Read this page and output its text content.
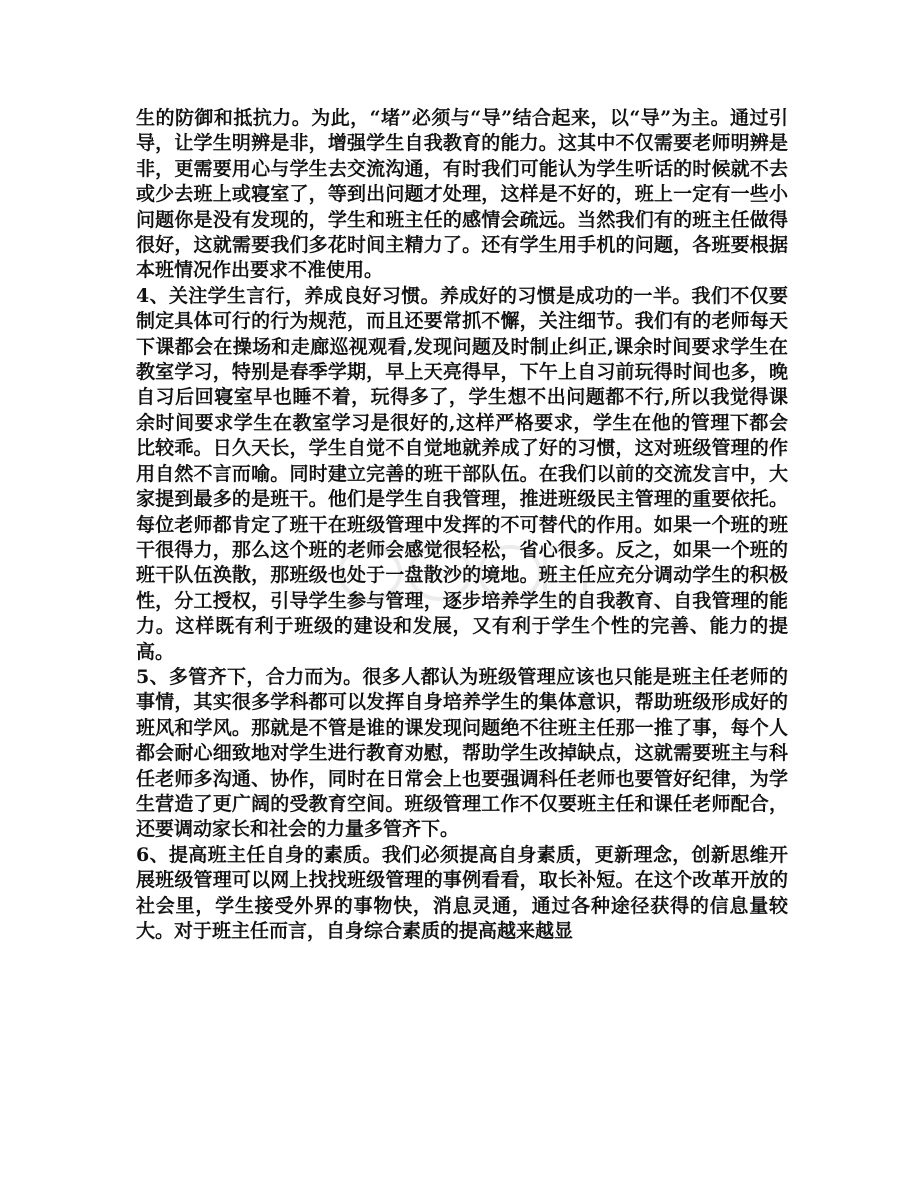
生的防御和抵抗力。为此，“堵”必须与“导”结合起来，以“导”为主。通过引导，让学生明辨是非，增强学生自我教育的能力。这其中不仅需要老师明辨是非，更需要用心与学生去交流沟通，有时我们可能认为学生听话的时候就不去或少去班上或寝室了，等到出问题才处理，这样是不好的，班上一定有一些小问题你是没有发现的，学生和班主任的感情会疏远。当然我们有的班主任做得很好，这就需要我们多花时间主精力了。还有学生用手机的问题，各班要根据本班情况作出要求不准使用。

4、关注学生言行，养成良好习惯。养成好的习惯是成功的一半。我们不仅要制定具体可行的行为规范，而且还要常抓不懈，关注细节。我们有的老师每天下课都会在操场和走廊巡视观看,发现问题及时制止纠正,课余时间要求学生在教室学习，特别是春季学期，早上天亮得早，下午上自习前玩得时间也多，晚自习后回寝室早也睡不着，玩得多了，学生想不出问题都不行,所以我觉得课余时间要求学生在教室学习是很好的,这样严格要求，学生在他的管理下都会比较乖。日久天长，学生自觉不自觉地就养成了好的习惯，这对班级管理的作用自然不言而喻。同时建立完善的班干部队伍。在我们以前的交流发言中，大家提到最多的是班干。他们是学生自我管理，推进班级民主管理的重要依托。每位老师都肯定了班干在班级管理中发挥的不可替代的作用。如果一个班的班干很得力，那么这个班的老师会感觉很轻松，省心很多。反之，如果一个班的班干队伍涣散，那班级也处于一盘散沙的境地。班主任应充分调动学生的积极性，分工授权，引导学生参与管理，逐步培养学生的自我教育、自我管理的能力。这样既有利于班级的建设和发展，又有利于学生个性的完善、能力的提高。

5、多管齐下，合力而为。很多人都认为班级管理应该也只能是班主任老师的事情，其实很多学科都可以发挥自身培养学生的集体意识，帮助班级形成好的班风和学风。那就是不管是谁的课发现问题绝不往班主任那一推了事，每个人都会耐心细致地对学生进行教育劝慰，帮助学生改掉缺点，这就需要班主与科任老师多沟通、协作，同时在日常会上也要强调科任老师也要管好纪律，为学生营造了更广阔的受教育空间。班级管理工作不仅要班主任和课任老师配合，还要调动家长和社会的力量多管齐下。

6、提高班主任自身的素质。我们必须提高自身素质，更新理念，创新思维开展班级管理可以网上找找班级管理的事例看看，取长补短。在这个改革开放的社会里，学生接受外界的事物快，消息灵通，通过各种途径获得的信息量较大。对于班主任而言，自身综合素质的提高越来越显
